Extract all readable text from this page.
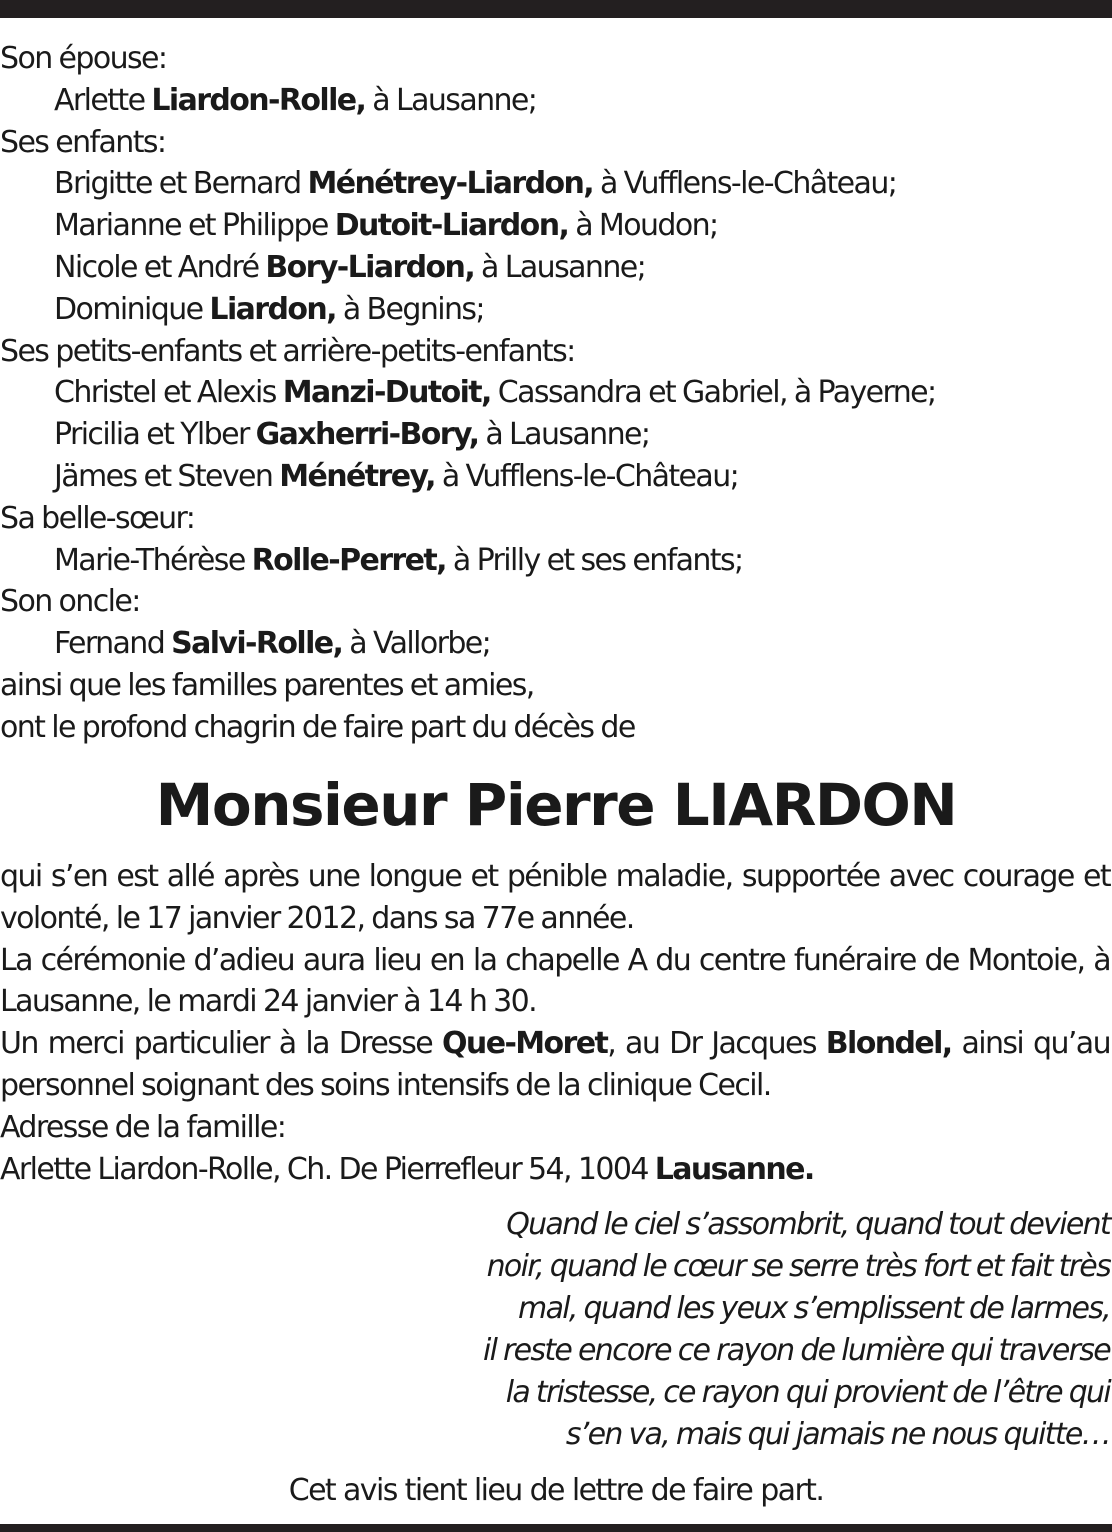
Son épouse:

Arlette Liardon-Rolle, à Lausanne;

Ses enfants:

Brigitte et Bernard Ménétrey-Liardon, à Vufflens-le-Château;

Marianne et Philippe Dutoit-Liardon, à Moudon;

Nicole et André Bory-Liardon, à Lausanne;

Dominique Liardon, à Begnins;

Ses petits-enfants et arrière-petits-enfants:

Christel et Alexis Manzi-Dutoit, Cassandra et Gabriel, à Payerne;

Pricilia et Ylber Gaxherri-Bory, à Lausanne;

Jämes et Steven Ménétrey, à Vufflens-le-Château;

Sa belle-sœur:

Marie-Thérèse Rolle-Perret, à Prilly et ses enfants;

Son oncle:

Fernand Salvi-Rolle, à Vallorbe;

ainsi que les familles parentes et amies,

ont le profond chagrin de faire part du décès de

Monsieur Pierre LIARDON
qui s’en est allé après une longue et pénible maladie, supportée avec courage et volonté, le 17 janvier 2012, dans sa 77e année.
La cérémonie d’adieu aura lieu en la chapelle A du centre funéraire de Montoie, à Lausanne, le mardi 24 janvier à 14 h 30.
Un merci particulier à la Dresse Que-Moret, au Dr Jacques Blondel, ainsi qu’au personnel soignant des soins intensifs de la clinique Cecil.
Adresse de la famille:
Arlette Liardon-Rolle, Ch. De Pierrefleur 54, 1004 Lausanne.
Quand le ciel s’assombrit, quand tout devient
noir, quand le cœur se serre très fort et fait très
mal, quand les yeux s’emplissent de larmes,
il reste encore ce rayon de lumière qui traverse
la tristesse, ce rayon qui provient de l’être qui
s’en va, mais qui jamais ne nous quitte…
Cet avis tient lieu de lettre de faire part.
